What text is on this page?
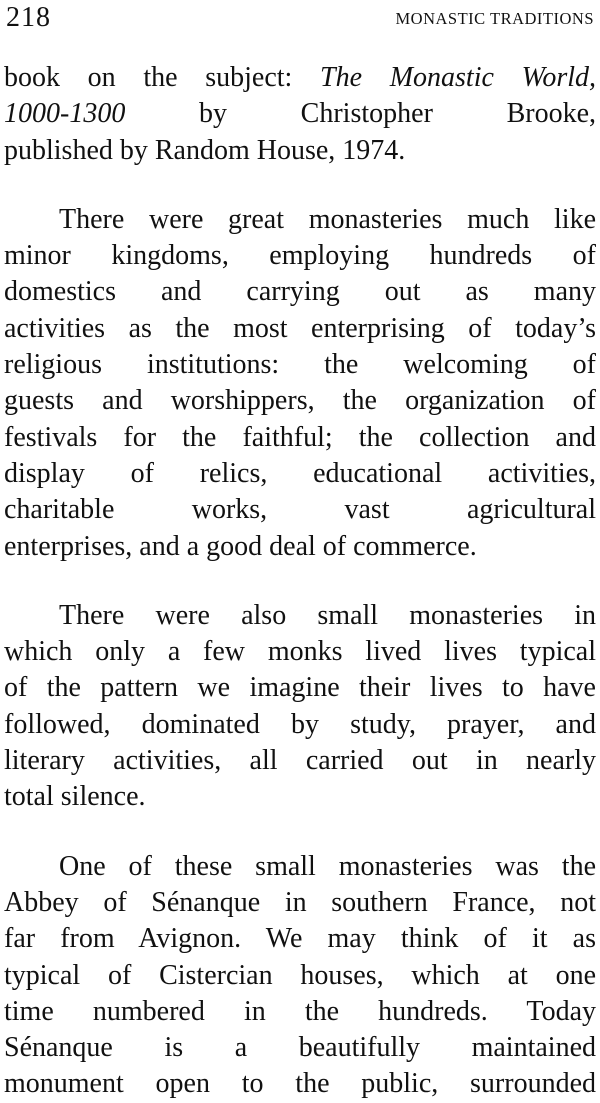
218	MONASTIC TRADITIONS
book on the subject: The Monastic World,
1000-1300 by Christopher Brooke,
published by Random House, 1974.
There were great monasteries much like
minor kingdoms, employing hundreds of
domestics and carrying out as many
activities as the most enterprising of today’s
religious institutions: the welcoming of
guests and worshippers, the organization of
festivals for the faithful; the collection and
display of relics, educational activities,
charitable works, vast agricultural
enterprises, and a good deal of commerce.
There were also small monasteries in
which only a few monks lived lives typical
of the pattern we imagine their lives to have
followed, dominated by study, prayer, and
literary activities, all carried out in nearly
total silence.
One of these small monasteries was the
Abbey of Sénanque in southern France, not
far from Avignon. We may think of it as
typical of Cistercian houses, which at one
time numbered in the hundreds. Today
Sénanque is a beautifully maintained
monument open to the public, surrounded
